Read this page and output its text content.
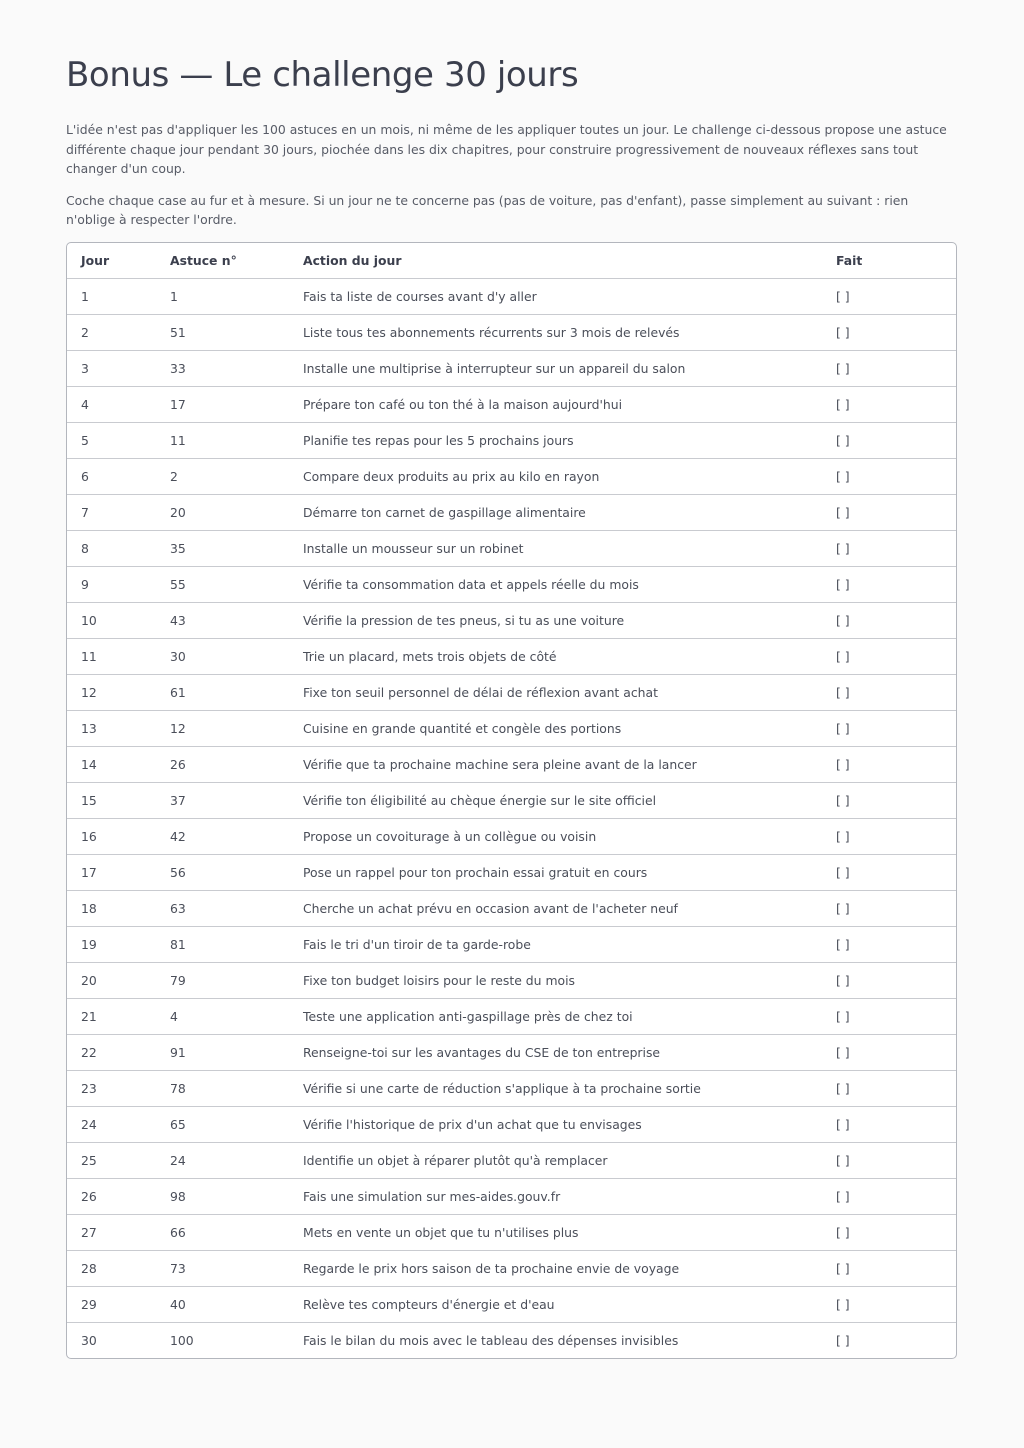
Bonus — Le challenge 30 jours

L'idée n'est pas d'appliquer les 100 astuces en un mois, ni même de les appliquer toutes un jour. Le challenge ci-dessous propose une astuce différente chaque jour pendant 30 jours, piochée dans les dix chapitres, pour construire progressivement de nouveaux réflexes sans tout changer d'un coup.

Coche chaque case au fur et à mesure. Si un jour ne te concerne pas (pas de voiture, pas d'enfant), passe simplement au suivant : rien n'oblige à respecter l'ordre.

Jour	Astuce n°	Action du jour	Fait
1	1	Fais ta liste de courses avant d'y aller	[ ]
2	51	Liste tous tes abonnements récurrents sur 3 mois de relevés	[ ]
3	33	Installe une multiprise à interrupteur sur un appareil du salon	[ ]
4	17	Prépare ton café ou ton thé à la maison aujourd'hui	[ ]
5	11	Planifie tes repas pour les 5 prochains jours	[ ]
6	2	Compare deux produits au prix au kilo en rayon	[ ]
7	20	Démarre ton carnet de gaspillage alimentaire	[ ]
8	35	Installe un mousseur sur un robinet	[ ]
9	55	Vérifie ta consommation data et appels réelle du mois	[ ]
10	43	Vérifie la pression de tes pneus, si tu as une voiture	[ ]
11	30	Trie un placard, mets trois objets de côté	[ ]
12	61	Fixe ton seuil personnel de délai de réflexion avant achat	[ ]
13	12	Cuisine en grande quantité et congèle des portions	[ ]
14	26	Vérifie que ta prochaine machine sera pleine avant de la lancer	[ ]
15	37	Vérifie ton éligibilité au chèque énergie sur le site officiel	[ ]
16	42	Propose un covoiturage à un collègue ou voisin	[ ]
17	56	Pose un rappel pour ton prochain essai gratuit en cours	[ ]
18	63	Cherche un achat prévu en occasion avant de l'acheter neuf	[ ]
19	81	Fais le tri d'un tiroir de ta garde-robe	[ ]
20	79	Fixe ton budget loisirs pour le reste du mois	[ ]
21	4	Teste une application anti-gaspillage près de chez toi	[ ]
22	91	Renseigne-toi sur les avantages du CSE de ton entreprise	[ ]
23	78	Vérifie si une carte de réduction s'applique à ta prochaine sortie	[ ]
24	65	Vérifie l'historique de prix d'un achat que tu envisages	[ ]
25	24	Identifie un objet à réparer plutôt qu'à remplacer	[ ]
26	98	Fais une simulation sur mes-aides.gouv.fr	[ ]
27	66	Mets en vente un objet que tu n'utilises plus	[ ]
28	73	Regarde le prix hors saison de ta prochaine envie de voyage	[ ]
29	40	Relève tes compteurs d'énergie et d'eau	[ ]
30	100	Fais le bilan du mois avec le tableau des dépenses invisibles	[ ]
